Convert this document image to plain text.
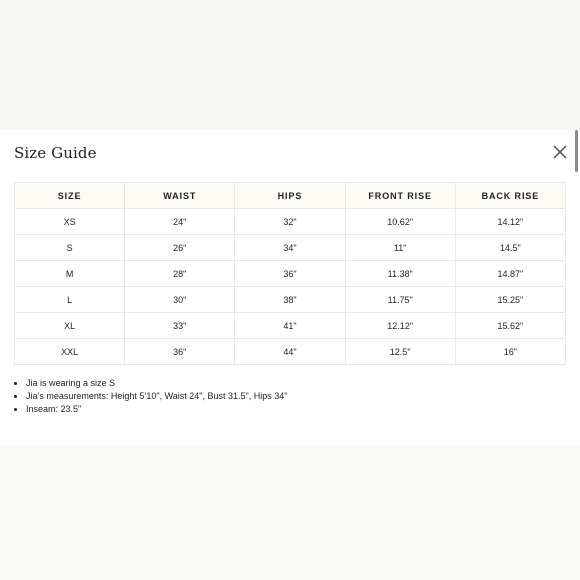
Size Guide
SIZE	WAIST	HIPS	FRONT RISE	BACK RISE
XS	24"	32"	10.62"	14.12"
S	26"	34"	11"	14.5"
M	28"	36"	11.38"	14.87"
L	30"	38"	11.75"	15.25"
XL	33"	41"	12.12"	15.62"
XXL	36"	44"	12.5"	16"
• Jia is wearing a size S
• Jia’s measurements: Height 5’10", Waist 24", Bust 31.5", Hips 34"
• Inseam: 23.5"
